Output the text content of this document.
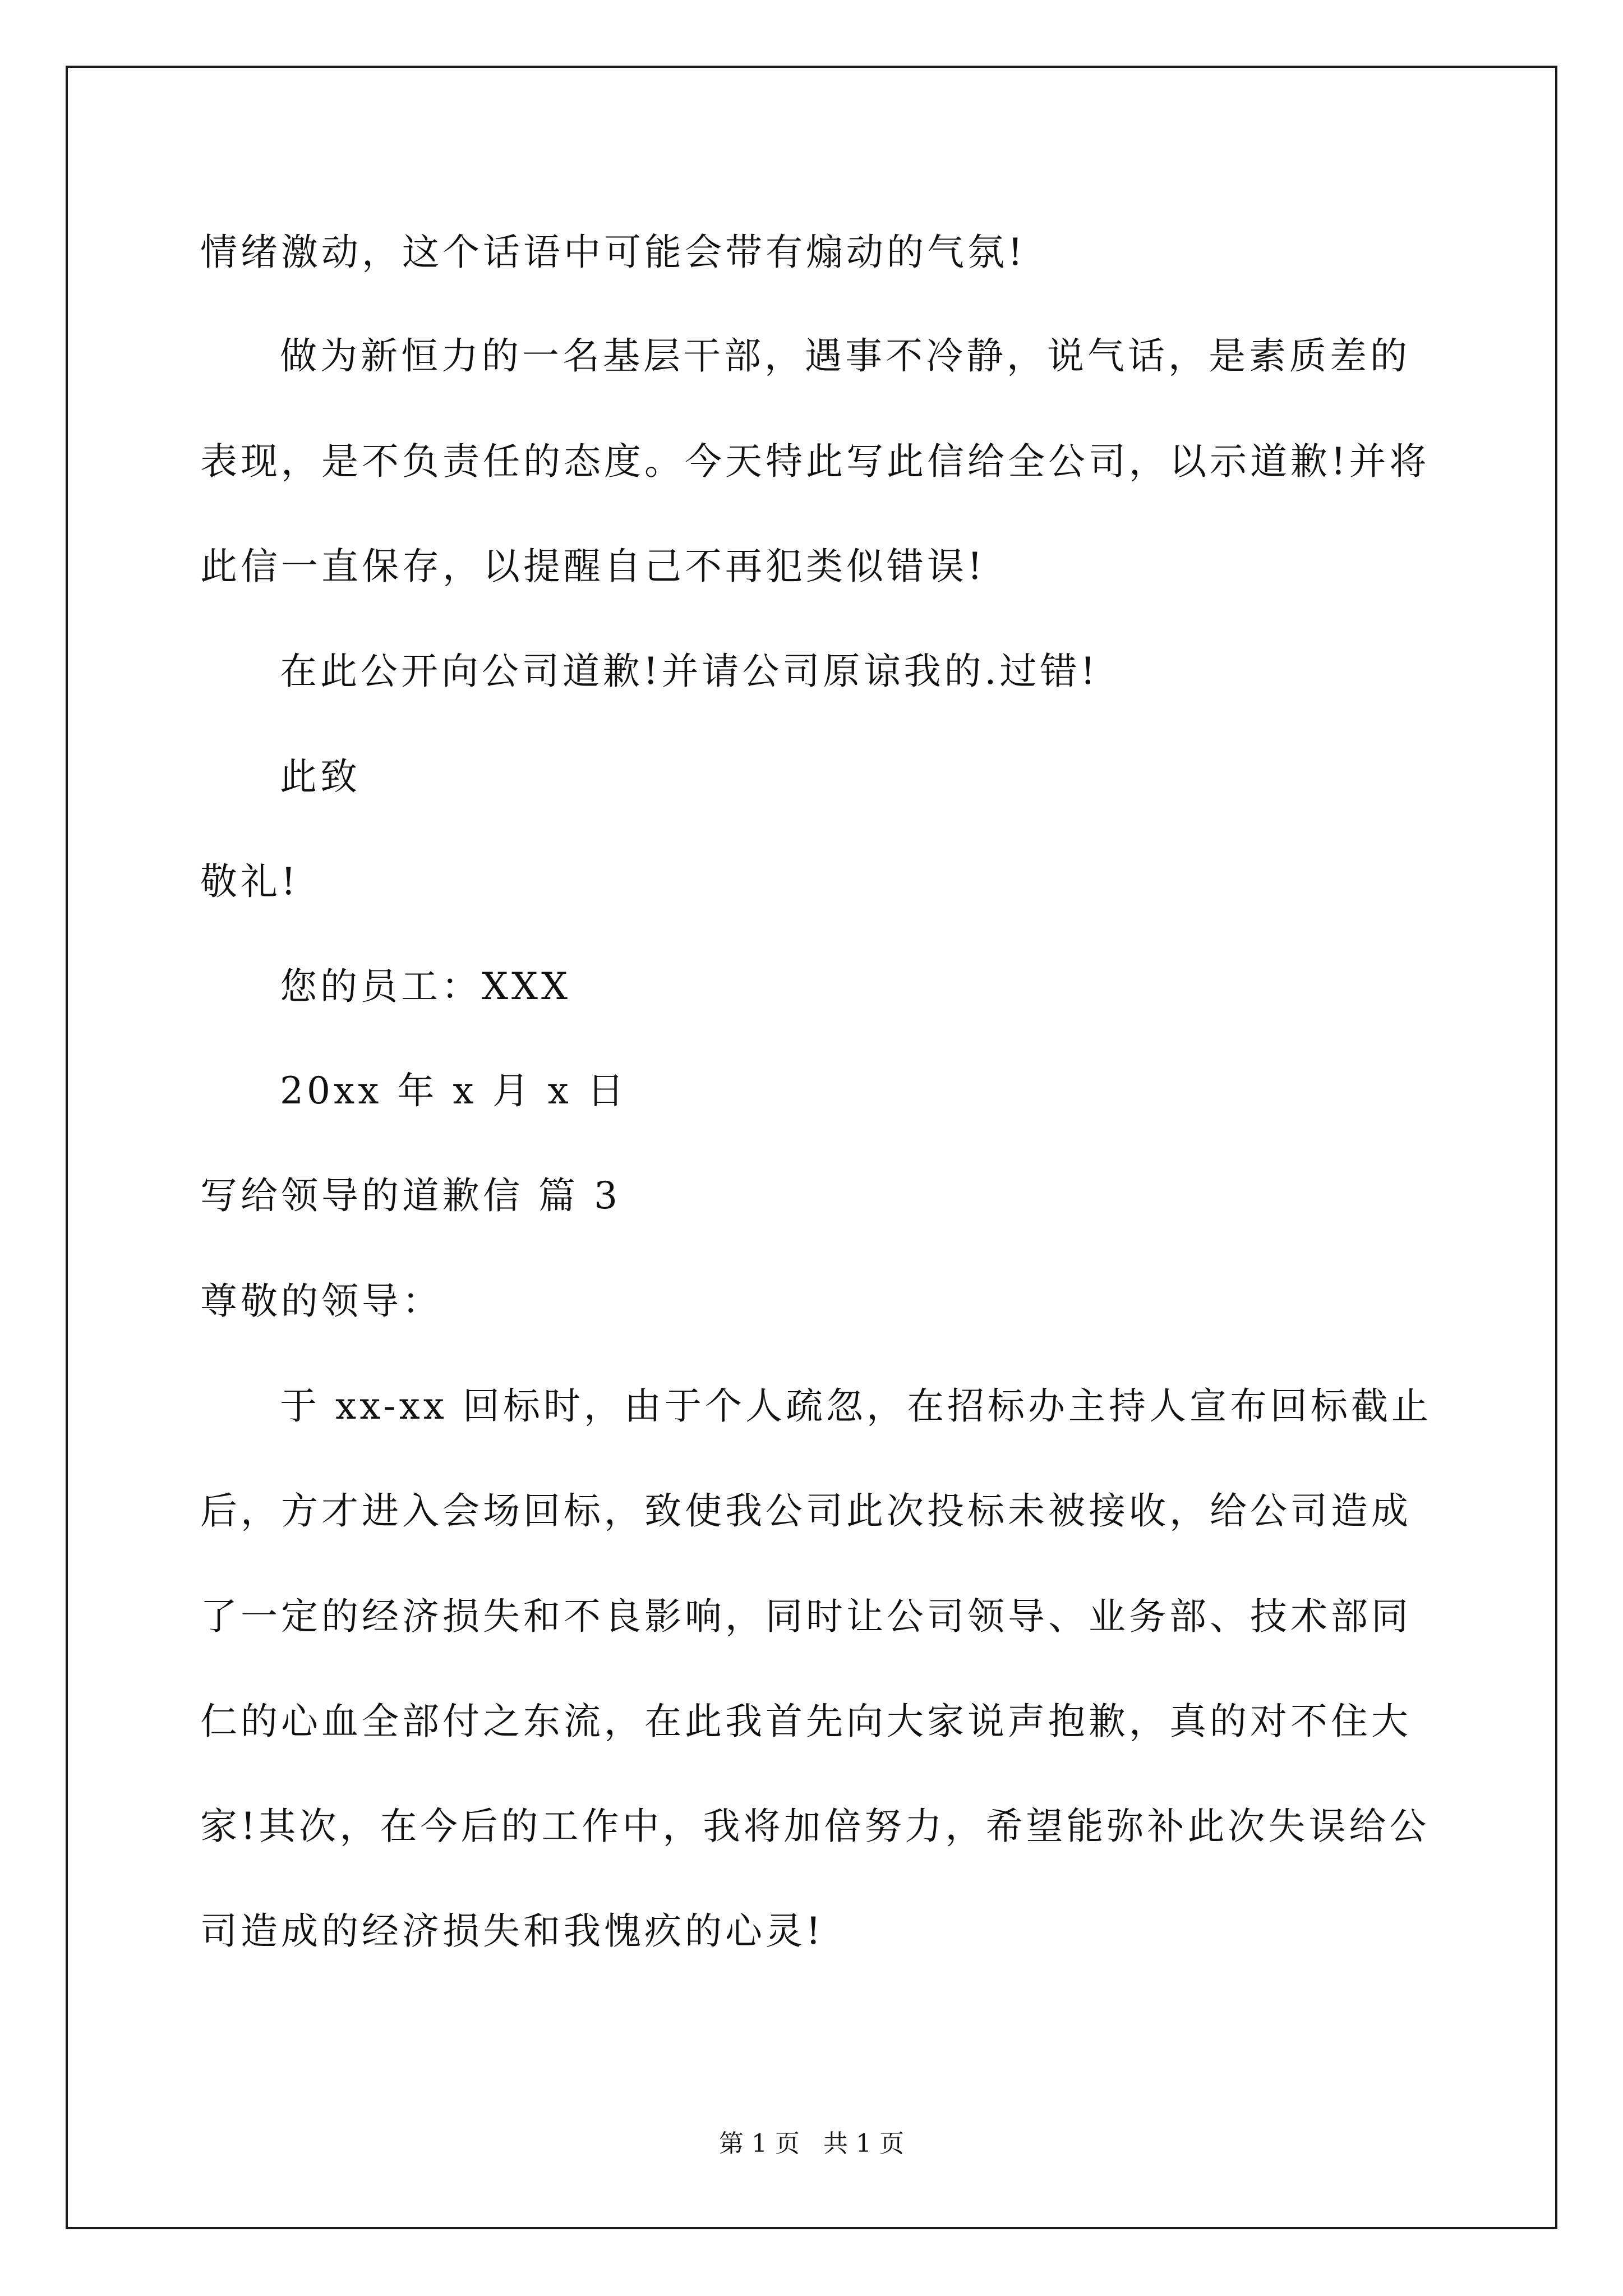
情绪激动，这个话语中可能会带有煽动的气氛!
做为新恒力的一名基层干部，遇事不冷静，说气话，是素质差的
表现，是不负责任的态度。今天特此写此信给全公司，以示道歉!并将
此信一直保存，以提醒自己不再犯类似错误!
在此公开向公司道歉!并请公司原谅我的.过错!
此致
敬礼!
您的员工：XXX
20xx 年 x 月 x 日
写给领导的道歉信 篇 3
尊敬的领导：
于 xx-xx 回标时，由于个人疏忽，在招标办主持人宣布回标截止
后，方才进入会场回标，致使我公司此次投标未被接收，给公司造成
了一定的经济损失和不良影响，同时让公司领导、业务部、技术部同
仁的心血全部付之东流，在此我首先向大家说声抱歉，真的对不住大
家!其次，在今后的工作中，我将加倍努力，希望能弥补此次失误给公
司造成的经济损失和我愧疚的心灵!
第 1 页   共 1 页
